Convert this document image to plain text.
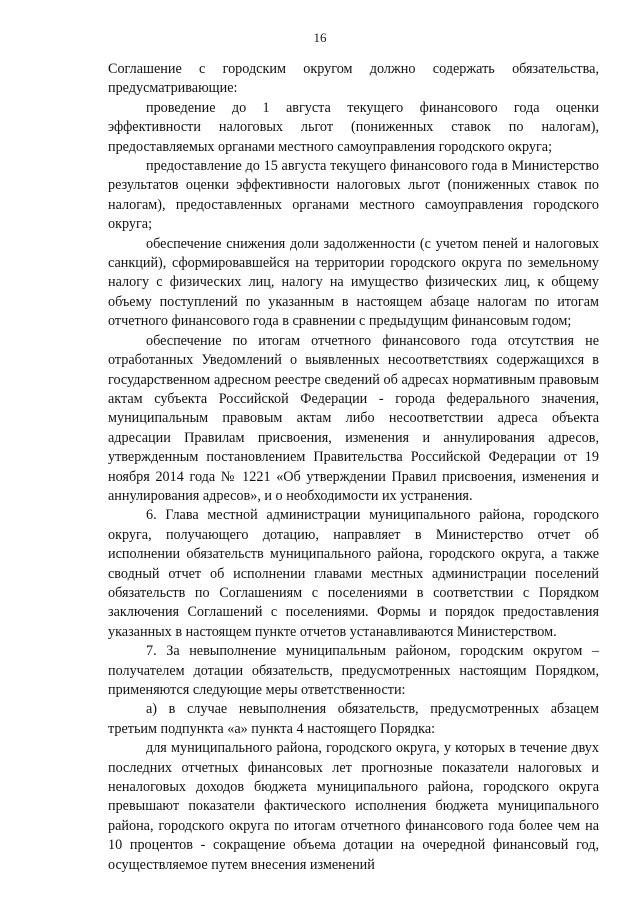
16

Соглашение с городским округом должно содержать обязательства, предусматривающие:

проведение до 1 августа текущего финансового года оценки эффективности налоговых льгот (пониженных ставок по налогам), предоставляемых органами местного самоуправления городского округа;

предоставление до 15 августа текущего финансового года в Министерство результатов оценки эффективности налоговых льгот (пониженных ставок по налогам), предоставленных органами местного самоуправления городского округа;

обеспечение снижения доли задолженности (с учетом пеней и налоговых санкций), сформировавшейся на территории городского округа по земельному налогу с физических лиц, налогу на имущество физических лиц, к общему объему поступлений по указанным в настоящем абзаце налогам по итогам отчетного финансового года в сравнении с предыдущим финансовым годом;

обеспечение по итогам отчетного финансового года отсутствия не отработанных Уведомлений о выявленных несоответствиях содержащихся в государственном адресном реестре сведений об адресах нормативным правовым актам субъекта Российской Федерации - города федерального значения, муниципальным правовым актам либо несоответствии адреса объекта адресации Правилам присвоения, изменения и аннулирования адресов, утвержденным постановлением Правительства Российской Федерации от 19 ноября 2014 года № 1221 «Об утверждении Правил присвоения, изменения и аннулирования адресов», и о необходимости их устранения.

6. Глава местной администрации муниципального района, городского округа, получающего дотацию, направляет в Министерство отчет об исполнении обязательств муниципального района, городского округа, а также сводный отчет об исполнении главами местных администрации поселений обязательств по Соглашениям с поселениями в соответствии с Порядком заключения Соглашений с поселениями. Формы и порядок предоставления указанных в настоящем пункте отчетов устанавливаются Министерством.

7. За невыполнение муниципальным районом, городским округом – получателем дотации обязательств, предусмотренных настоящим Порядком, применяются следующие меры ответственности:

а) в случае невыполнения обязательств, предусмотренных абзацем третьим подпункта «а» пункта 4 настоящего Порядка:

для муниципального района, городского округа, у которых в течение двух последних отчетных финансовых лет прогнозные показатели налоговых и неналоговых доходов бюджета муниципального района, городского округа превышают показатели фактического исполнения бюджета муниципального района, городского округа по итогам отчетного финансового года более чем на 10 процентов - сокращение объема дотации на очередной финансовый год, осуществляемое путем внесения изменений
